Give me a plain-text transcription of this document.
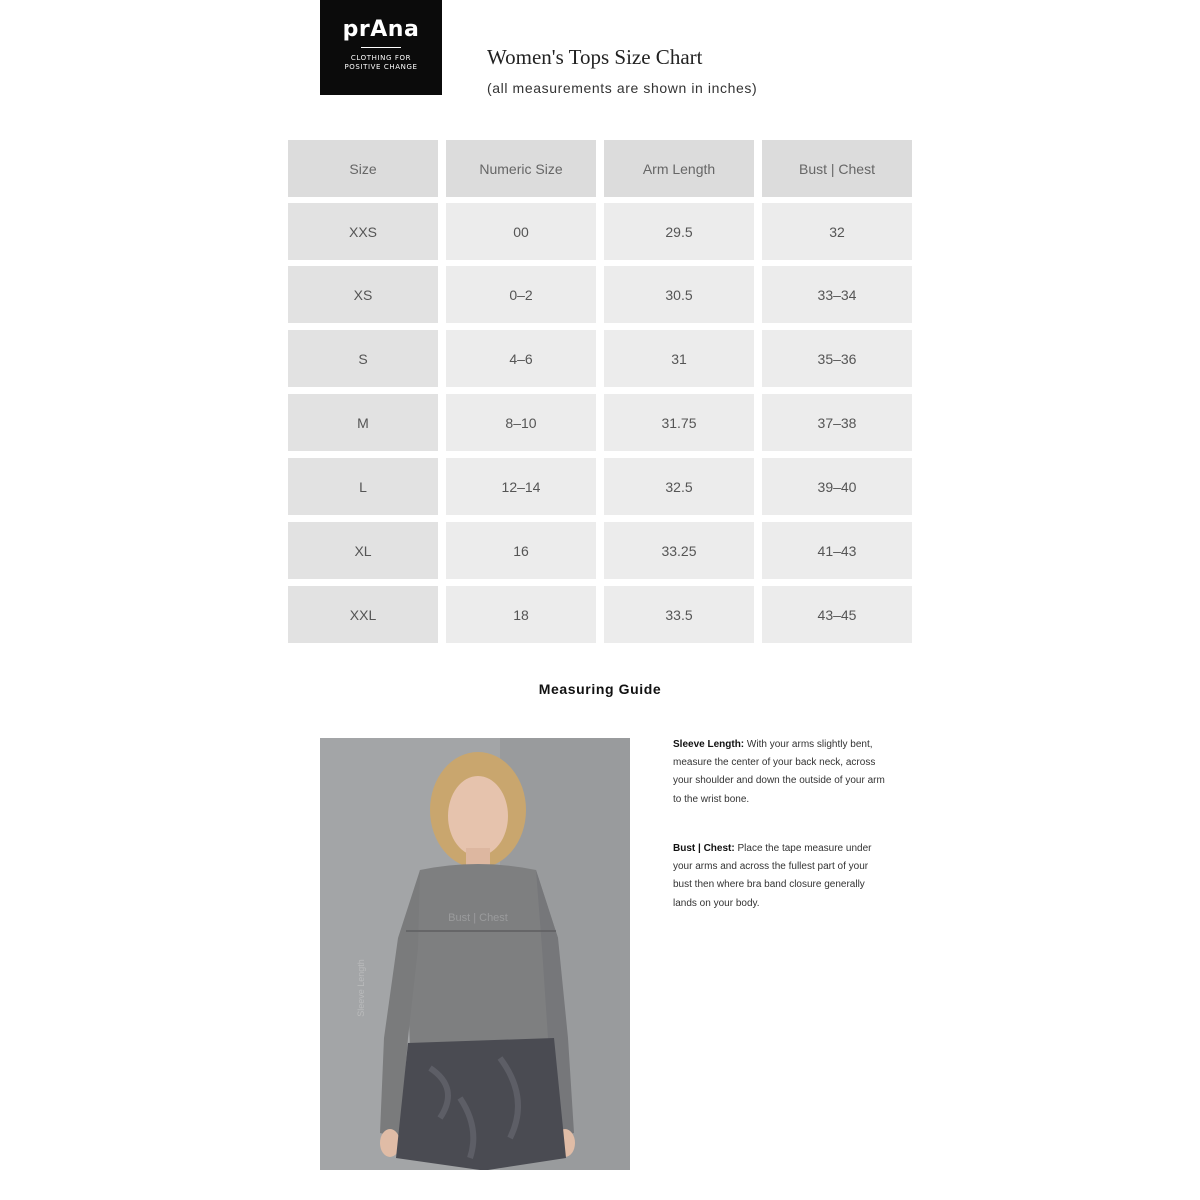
prAna
CLOTHING FOR POSITIVE CHANGE	Women's Tops Size Chart

(all measurements are shown in inches)

Size	Numeric Size	Arm Length	Bust | Chest
XXS	00	29.5	32
XS	0–2	30.5	33–34
S	4–6	31	35–36
M	8–10	31.75	37–38
L	12–14	32.5	39–40
XL	16	33.25	41–43
XXL	18	33.5	43–45
Measuring Guide
Bust | Chest
Sleeve Length
Sleeve Length: With your arms slightly bent, measure the center of your back neck, across your shoulder and down the outside of your arm to the wrist bone.
Bust | Chest: Place the tape measure under your arms and across the fullest part of your bust then where bra band closure generally lands on your body.
